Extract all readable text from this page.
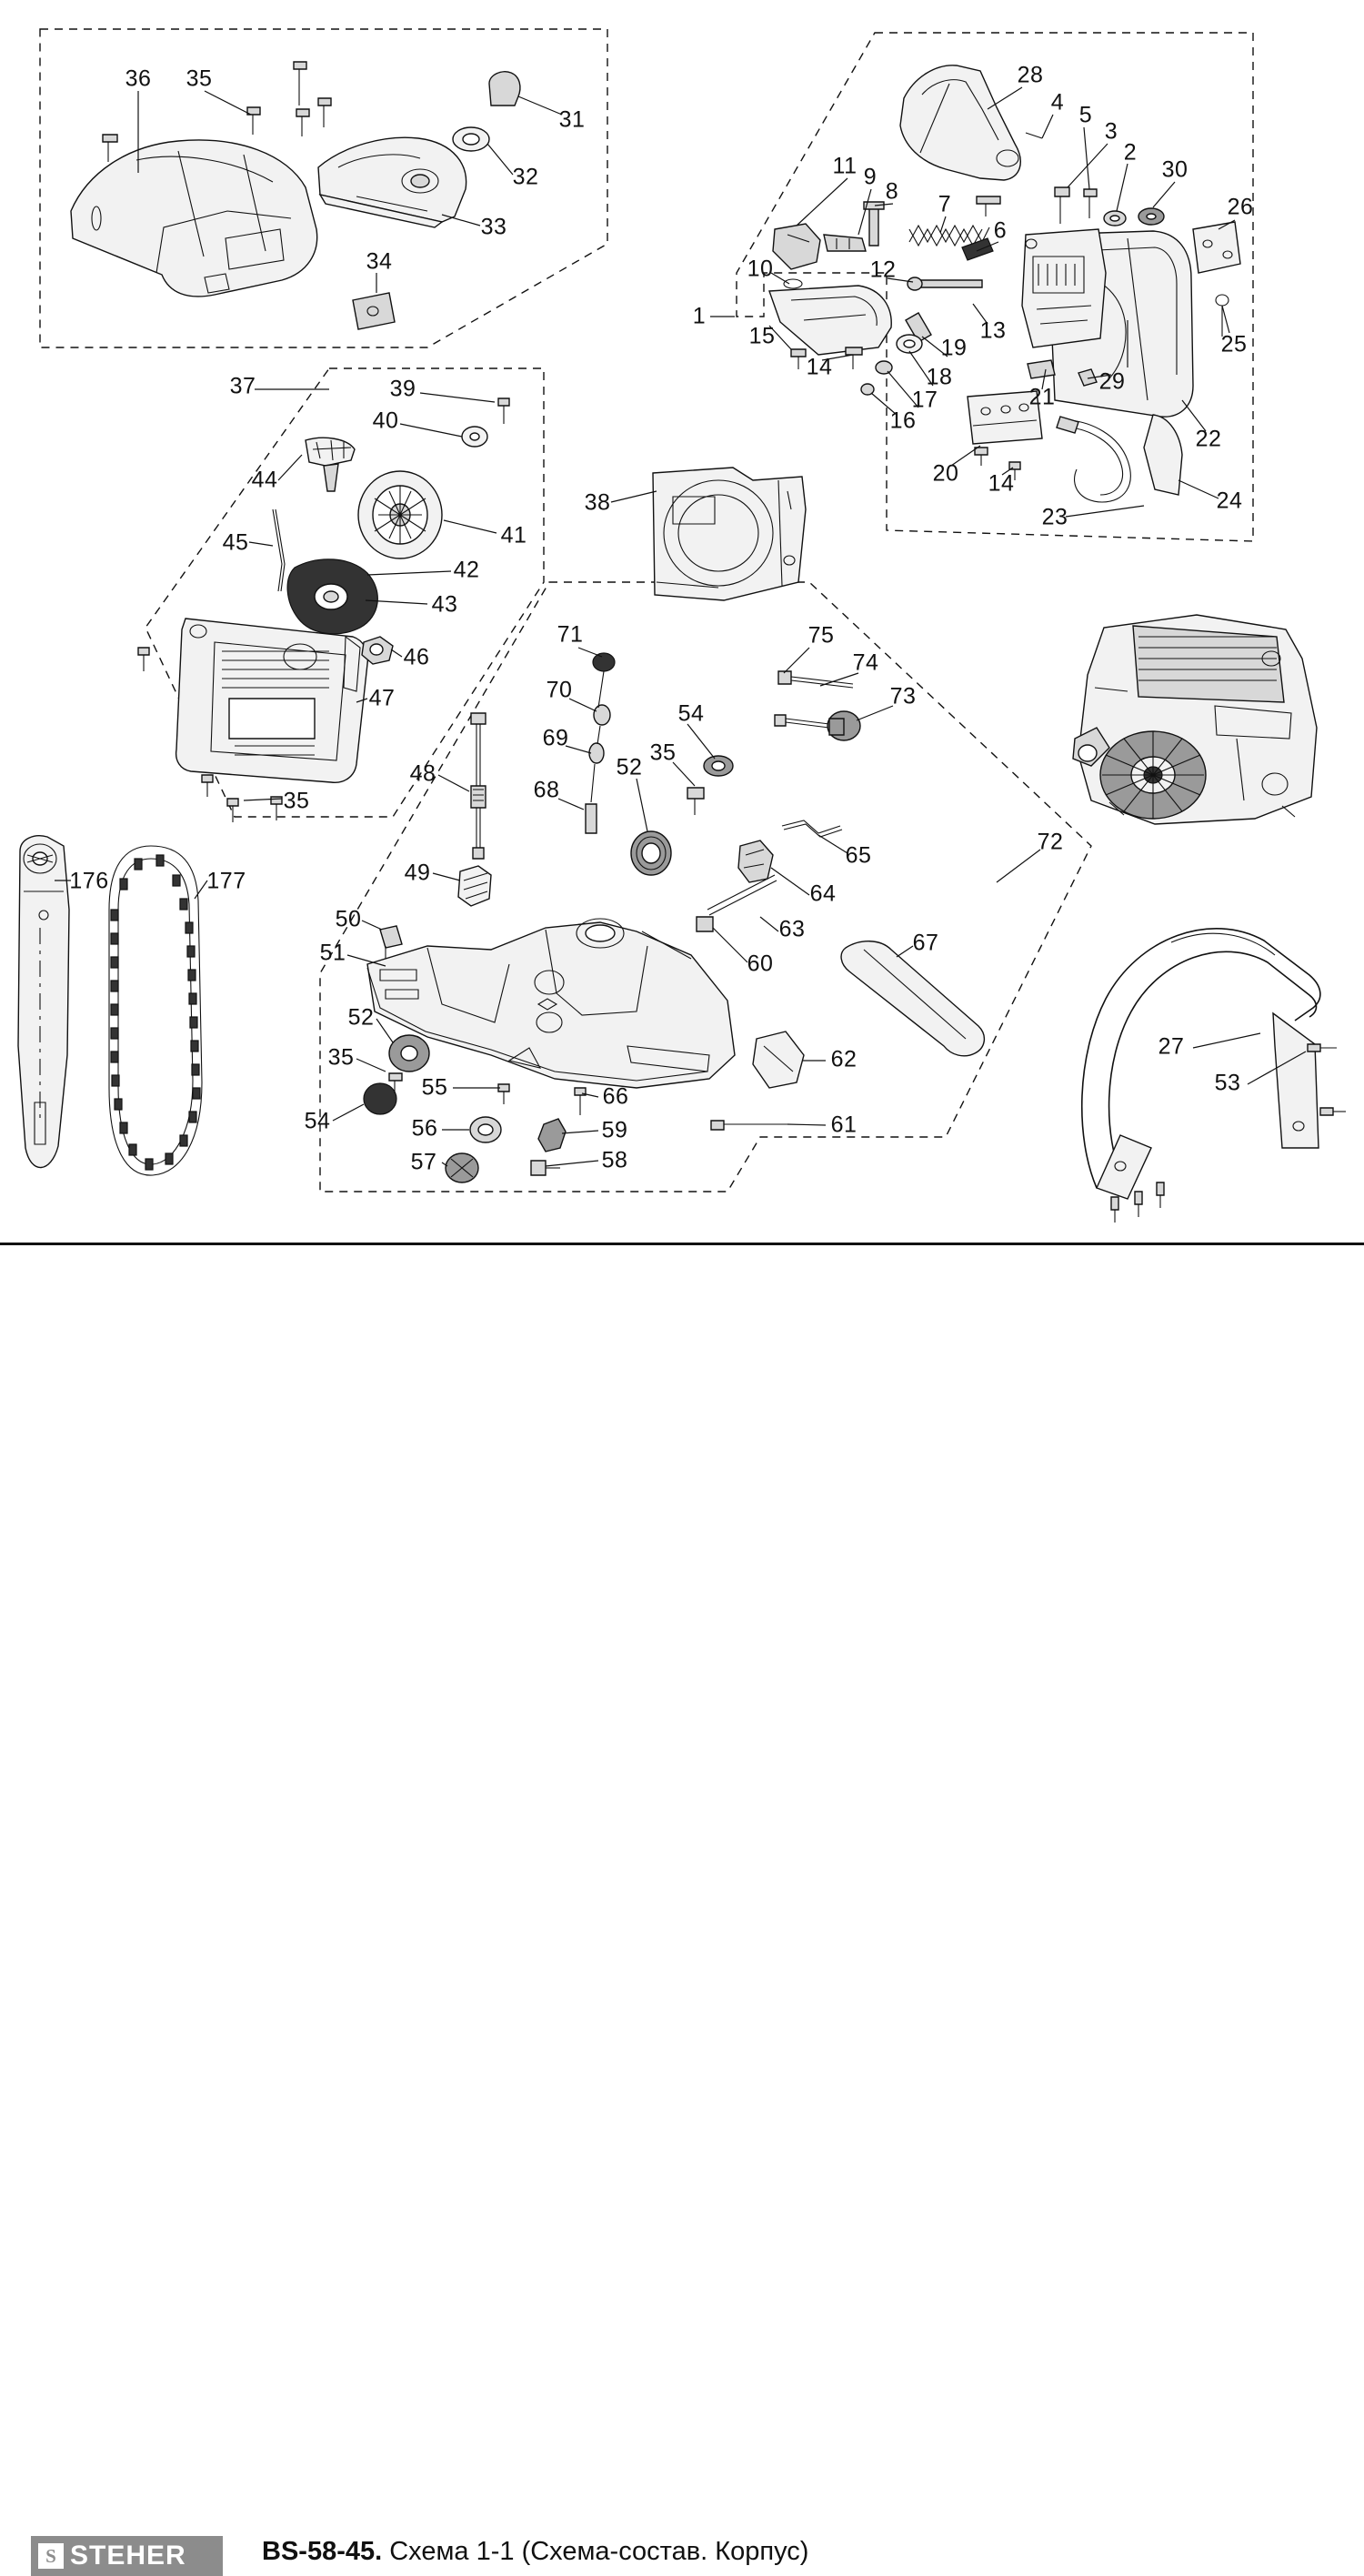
36 35
31
32
33
34
28
4 5
3
2
30
26
11 9
8 7
6
10	12
13
1
15	19	25
14	18
17
16
21
29
22
20 14
23
24
37	39
40
44
41
45
42
43
46
47
35
38
71	75
74
70	73
54
69
35
48
68
52
72
49
65
64
63
60
67
50
51
52
35
54
55
56
57
66
59
58
62
61
176	177
27
53
S STEHER	BS-58-45. Схема 1-1 (Схема-состав. Корпус)
